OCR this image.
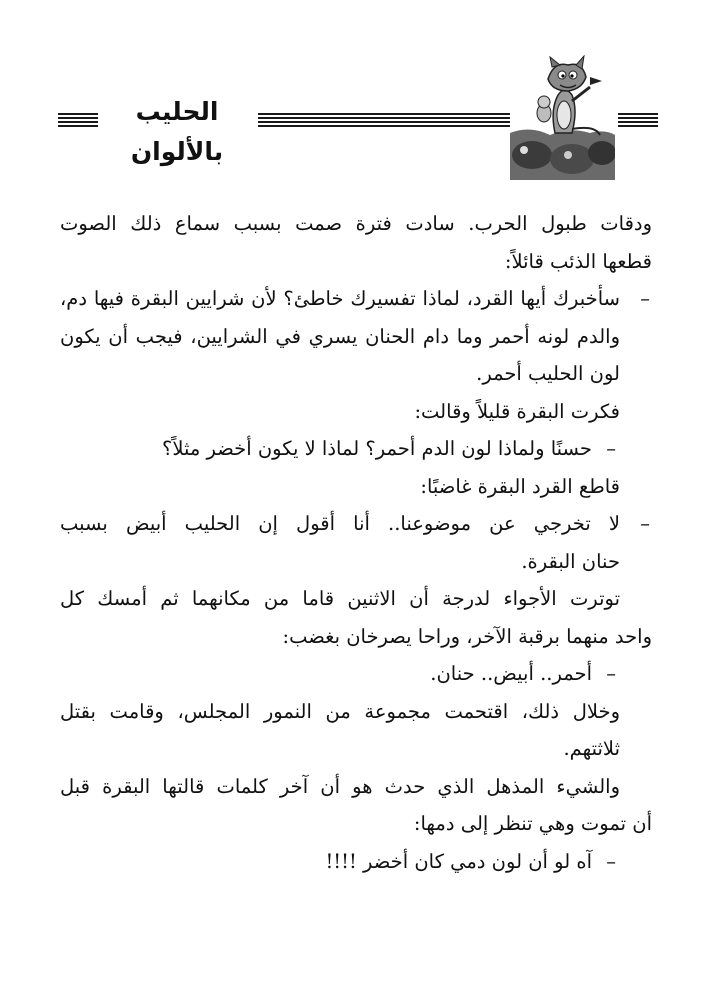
الحليب بالألوان

ودقات طبول الحرب. سادت فترة صمت بسبب سماع ذلك الصوت

قطعها الذئب قائلاً:

– سأخبرك أيها القرد، لماذا تفسيرك خاطئ؟ لأن شرايين البقرة فيها دم،

والدم لونه أحمر وما دام الحنان يسري في الشرايين، فيجب أن يكون

لون الحليب أحمر.

فكرت البقرة قليلاً وقالت:

– حسنًا ولماذا لون الدم أحمر؟ لماذا لا يكون أخضر مثلاً؟

قاطع القرد البقرة غاضبًا:

– لا تخرجي عن موضوعنا.. أنا أقول إن الحليب أبيض بسبب

حنان البقرة.

توترت الأجواء لدرجة أن الاثنين قاما من مكانهما ثم أمسك كل

واحد منهما برقبة الآخر، وراحا يصرخان بغضب:

– أحمر.. أبيض.. حنان.

وخلال ذلك، اقتحمت مجموعة من النمور المجلس، وقامت بقتل ثلاثتهم.

والشيء المذهل الذي حدث هو أن آخر كلمات قالتها البقرة قبل

أن تموت وهي تنظر إلى دمها:

– آه لو أن لون دمي كان أخضر !!!!
